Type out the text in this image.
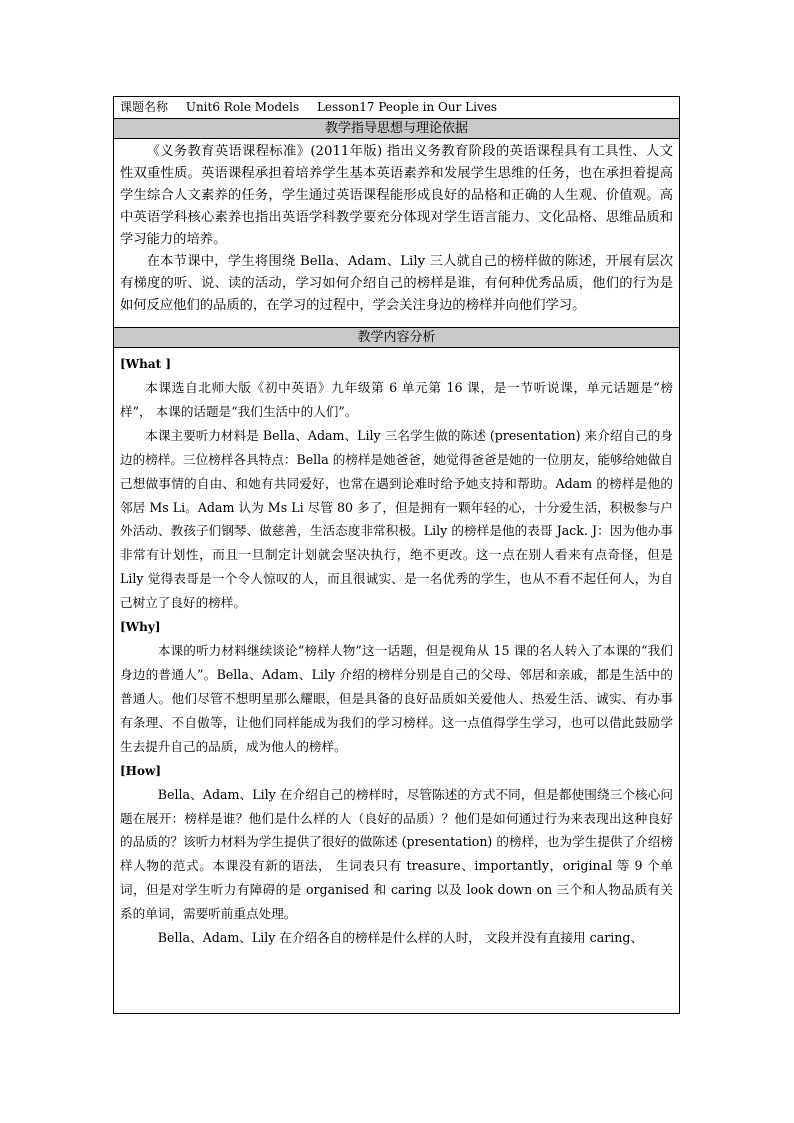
课题名称 Unit6 Role Models Lesson17 People in Our Lives
教学指导思想与理论依据

《义务教育英语课程标准》(2011年版) 指出义务教育阶段的英语课程具有工具性、人文性双重性质。英语课程承担着培养学生基本英语素养和发展学生思维的任务，也在承担着提高学生综合人文素养的任务，学生通过英语课程能形成良好的品格和正确的人生观、价值观。高中英语学科核心素养也指出英语学科教学要充分体现对学生语言能力、文化品格、思维品质和学习能力的培养。

在本节课中，学生将围绕 Bella、Adam、Lily 三人就自己的榜样做的陈述，开展有层次有梯度的听、说、读的活动，学习如何介绍自己的榜样是谁，有何种优秀品质，他们的行为是如何反应他们的品质的，在学习的过程中，学会关注身边的榜样并向他们学习。

教学内容分析
[What ]

本课选自北师大版《初中英语》九年级第 6 单元第 16 课，是一节听说课，单元话题是“榜样”， 本课的话题是“我们生活中的人们”。

本课主要听力材料是 Bella、Adam、Lily 三名学生做的陈述 (presentation) 来介绍自己的身边的榜样。三位榜样各具特点：Bella 的榜样是她爸爸，她觉得爸爸是她的一位朋友，能够给她做自己想做事情的自由、和她有共同爱好，也常在遇到论难时给予她支持和帮助。Adam 的榜样是他的邻居 Ms Li。Adam 认为 Ms Li 尽管 80 多了，但是拥有一颗年轻的心，十分爱生活，积极参与户外活动、教孩子们钢琴、做慈善，生活态度非常积极。Lily 的榜样是他的表哥 Jack. J：因为他办事非常有计划性，而且一旦制定计划就会坚决执行，绝不更改。这一点在别人看来有点奇怪，但是 Lily 觉得表哥是一个令人惊叹的人，而且很诚实、是一名优秀的学生，也从不看不起任何人，为自己树立了良好的榜样。

[Why]

本课的听力材料继续谈论“榜样人物”这一话题，但是视角从 15 课的名人转入了本课的“我们身边的普通人”。Bella、Adam、Lily 介绍的榜样分别是自己的父母、邻居和亲戚，都是生活中的普通人。他们尽管不想明星那么耀眼，但是具备的良好品质如关爱他人、热爱生活、诚实、有办事有条理、不自傲等，让他们同样能成为我们的学习榜样。这一点值得学生学习，也可以借此鼓励学生去提升自己的品质，成为他人的榜样。

[How]

Bella、Adam、Lily 在介绍自己的榜样时，尽管陈述的方式不同，但是都使围绕三个核心问题在展开：榜样是谁？他们是什么样的人（良好的品质）？他们是如何通过行为来表现出这种良好的品质的？该听力材料为学生提供了很好的做陈述 (presentation) 的榜样，也为学生提供了介绍榜样人物的范式。本课没有新的语法， 生词表只有 treasure、importantly，original 等 9 个单词，但是对学生听力有障碍的是 organised 和 caring 以及 look down on 三个和人物品质有关系的单词，需要听前重点处理。

Bella、Adam、Lily 在介绍各自的榜样是什么样的人时， 文段并没有直接用 caring、
